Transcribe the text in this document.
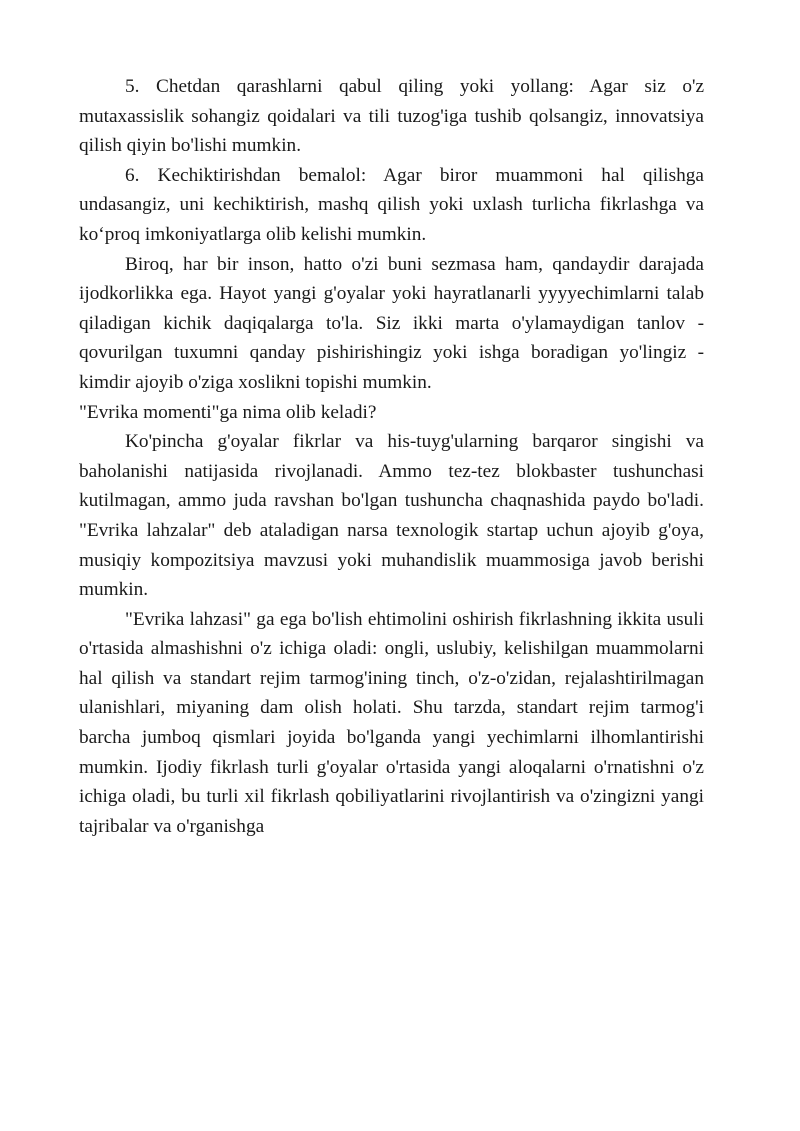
5. Chetdan qarashlarni qabul qiling yoki yollang: Agar siz o'z mutaxassislik sohangiz qoidalari va tili tuzog'iga tushib qolsangiz, innovatsiya qilish qiyin bo'lishi mumkin.

6. Kechiktirishdan bemalol: Agar biror muammoni hal qilishga undasangiz, uni kechiktirish, mashq qilish yoki uxlash turlicha fikrlashga va ko‘proq imkoniyatlarga olib kelishi mumkin.

Biroq, har bir inson, hatto o'zi buni sezmasa ham, qandaydir darajada ijodkorlikka ega. Hayot yangi g'oyalar yoki hayratlanarli yyyyechimlarni talab qiladigan kichik daqiqalarga to'la. Siz ikki marta o'ylamaydigan tanlov - qovurilgan tuxumni qanday pishirishingiz yoki ishga boradigan yo'lingiz - kimdir ajoyib o'ziga xoslikni topishi mumkin.

"Evrika momenti"ga nima olib keladi?

Ko'pincha g'oyalar fikrlar va his-tuyg'ularning barqaror singishi va baholanishi natijasida rivojlanadi. Ammo tez-tez blokbaster tushunchasi kutilmagan, ammo juda ravshan bo'lgan tushuncha chaqnashida paydo bo'ladi. "Evrika lahzalar" deb ataladigan narsa texnologik startap uchun ajoyib g'oya, musiqiy kompozitsiya mavzusi yoki muhandislik muammosiga javob berishi mumkin.

"Evrika lahzasi" ga ega bo'lish ehtimolini oshirish fikrlashning ikkita usuli o'rtasida almashishni o'z ichiga oladi: ongli, uslubiy, kelishilgan muammolarni hal qilish va standart rejim tarmog'ining tinch, o'z-o'zidan, rejalashtirilmagan ulanishlari, miyaning dam olish holati. Shu tarzda, standart rejim tarmog'i barcha jumboq qismlari joyida bo'lganda yangi yechimlarni ilhomlantirishi mumkin. Ijodiy fikrlash turli g'oyalar o'rtasida yangi aloqalarni o'rnatishni o'z ichiga oladi, bu turli xil fikrlash qobiliyatlarini rivojlantirish va o'zingizni yangi tajribalar va o'rganishga
